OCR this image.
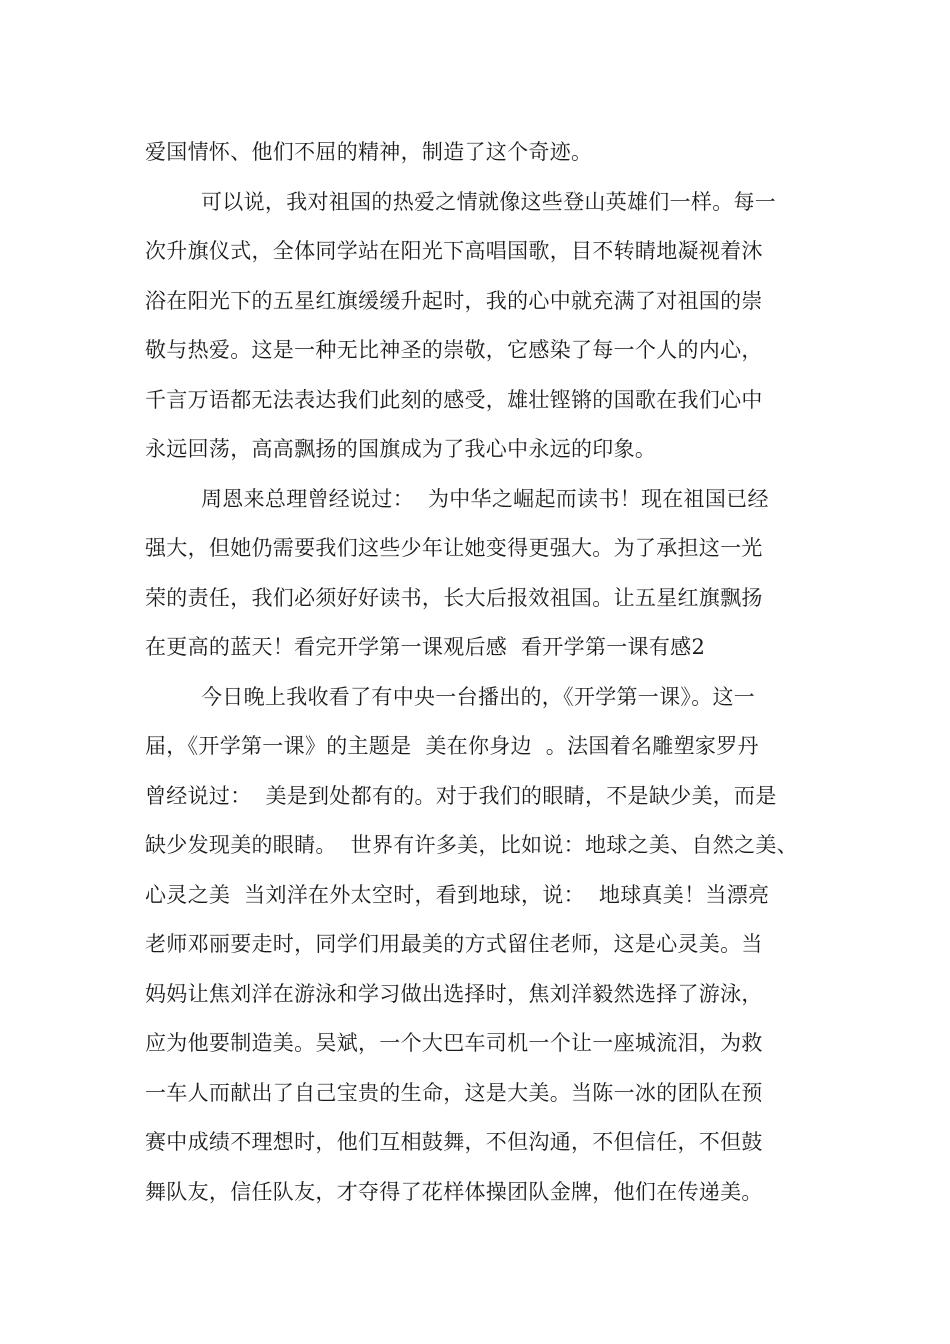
爱国情怀、他们不屈的精神，制造了这个奇迹。
可以说，我对祖国的热爱之情就像这些登山英雄们一样。每一
次升旗仪式，全体同学站在阳光下高唱国歌，目不转睛地凝视着沐
浴在阳光下的五星红旗缓缓升起时，我的心中就充满了对祖国的崇
敬与热爱。这是一种无比神圣的崇敬，它感染了每一个人的内心，
千言万语都无法表达我们此刻的感受，雄壮铿锵的国歌在我们心中
永远回荡，高高飘扬的国旗成为了我心中永远的印象。
周恩来总理曾经说过：  为中华之崛起而读书！现在祖国已经
强大，但她仍需要我们这些少年让她变得更强大。为了承担这一光
荣的责任，我们必须好好读书，长大后报效祖国。让五星红旗飘扬
在更高的蓝天！看完开学第一课观后感  看开学第一课有感2
今日晚上我收看了有中央一台播出的，《开学第一课》。这一
届，《开学第一课》的主题是  美在你身边  。法国着名雕塑家罗丹
曾经说过：  美是到处都有的。对于我们的眼睛，不是缺少美，而是
缺少发现美的眼睛。  世界有许多美，比如说：地球之美、自然之美、
心灵之美  当刘洋在外太空时，看到地球，说：  地球真美！当漂亮
老师邓丽要走时，同学们用最美的方式留住老师，这是心灵美。当
妈妈让焦刘洋在游泳和学习做出选择时，焦刘洋毅然选择了游泳，
应为他要制造美。吴斌，一个大巴车司机一个让一座城流泪，为救
一车人而献出了自己宝贵的生命，这是大美。当陈一冰的团队在预
赛中成绩不理想时，他们互相鼓舞，不但沟通，不但信任，不但鼓
舞队友，信任队友，才夺得了花样体操团队金牌，他们在传递美。
